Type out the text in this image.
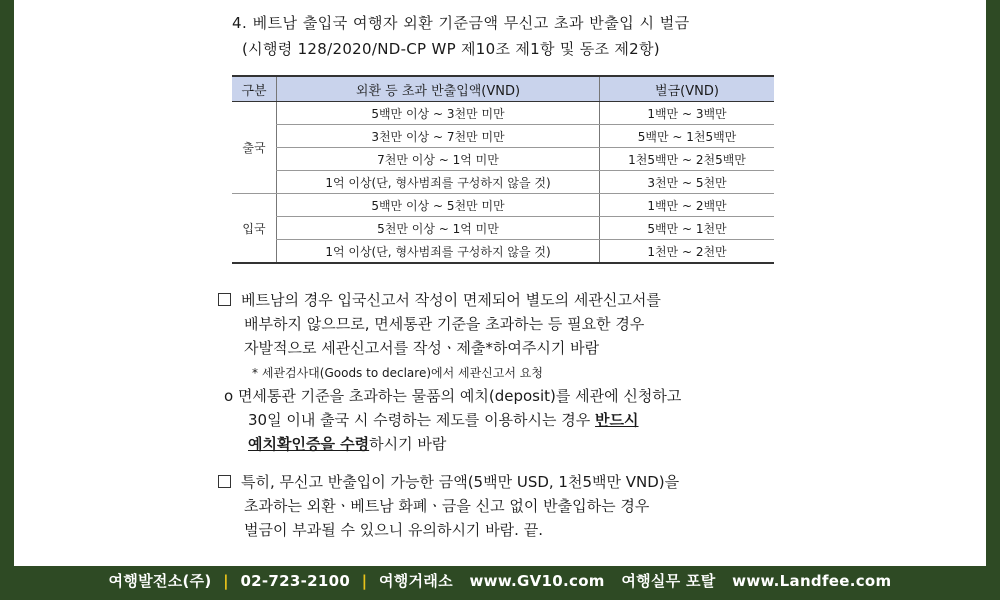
4. 베트남 출입국 여행자 외환 기준금액 무신고 초과 반출입 시 벌금
(시행령 128/2020/ND-CP WP 제10조 제1항 및 동조 제2항)
구분	외환 등 초과 반출입액(VND)	벌금(VND)
출국	5백만 이상 ~ 3천만 미만	1백만 ~ 3백만
	3천만 이상 ~ 7천만 미만	5백만 ~ 1천5백만
	7천만 이상 ~ 1억 미만	1천5백만 ~ 2천5백만
	1억 이상(단, 형사범죄를 구성하지 않을 것)	3천만 ~ 5천만
입국	5백만 이상 ~ 5천만 미만	1백만 ~ 2백만
	5천만 이상 ~ 1억 미만	5백만 ~ 1천만
	1억 이상(단, 형사범죄를 구성하지 않을 것)	1천만 ~ 2천만
베트남의 경우 입국신고서 작성이 면제되어 별도의 세관신고서를
배부하지 않으므로, 면세통관 기준을 초과하는 등 필요한 경우
자발적으로 세관신고서를 작성ㆍ제출*하여주시기 바람
* 세관검사대(Goods to declare)에서 세관신고서 요청
o 면세통관 기준을 초과하는 물품의 예치(deposit)를 세관에 신청하고
30일 이내 출국 시 수령하는 제도를 이용하시는 경우 반드시
예치확인증을 수령하시기 바람
특히, 무신고 반출입이 가능한 금액(5백만 USD, 1천5백만 VND)을
초과하는 외환ㆍ베트남 화폐ㆍ금을 신고 없이 반출입하는 경우
벌금이 부과될 수 있으니 유의하시기 바람. 끝.
여행발전소(주) | 02-723-2100 | 여행거래소 www.GV10.com 여행실무 포탈 www.Landfee.com
